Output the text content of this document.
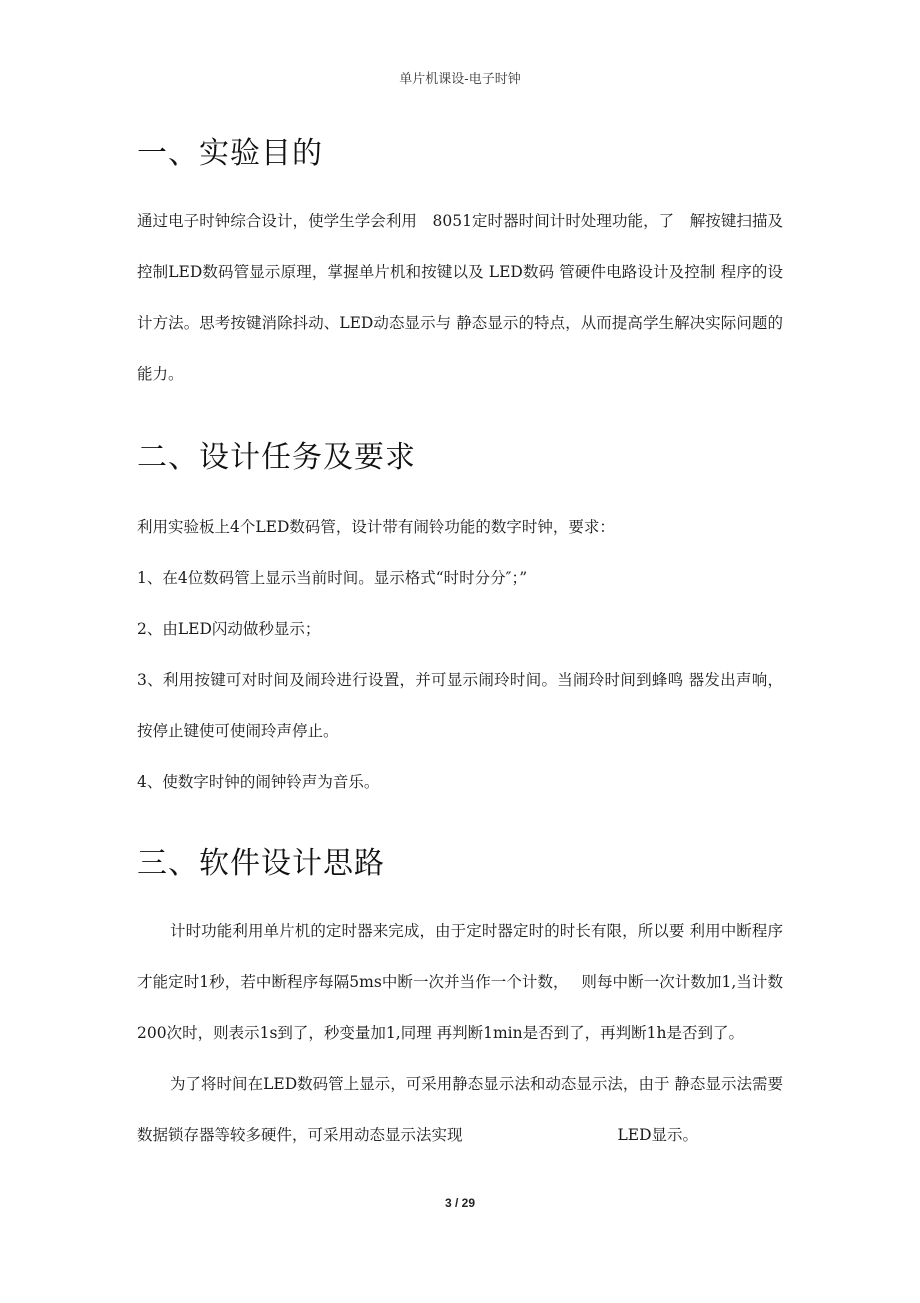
单片机课设-电子时钟
一、实验目的

通过电子时钟综合设计，使学生学会利用　8051定时器时间计时处理功能，了　解按键扫描及控制LED数码管显示原理，掌握单片机和按键以及 LED数码 管硬件电路设计及控制 程序的设计方法。思考按键消除抖动、LED动态显示与 静态显示的特点，从而提高学生解决实际问题的能力。

二、设计任务及要求

利用实验板上4个LED数码管，设计带有闹铃功能的数字时钟，要求：

1、在4位数码管上显示当前时间。显示格式“时时分分″；”

2、由LED闪动做秒显示；

3、利用按键可对时间及闹玲进行设置，并可显示闹玲时间。当闹玲时间到蜂鸣 器发出声响，按停止键使可使闹玲声停止。

4、使数字时钟的闹钟铃声为音乐。

三、软件设计思路

计时功能利用单片机的定时器来完成，由于定时器定时的时长有限，所以要 利用中断程序才能定时1秒，若中断程序每隔5ms中断一次并当作一个计数，　 则每中断一次计数加1,当计数200次时，则表示1s到了，秒变量加1,同理 再判断1min是否到了，再判断1h是否到了。

为了将时间在LED数码管上显示，可采用静态显示法和动态显示法，由于 静态显示法需要数据锁存器等较多硬件，可采用动态显示法实现　　　　　　　　　　LED显示。

3 / 29
